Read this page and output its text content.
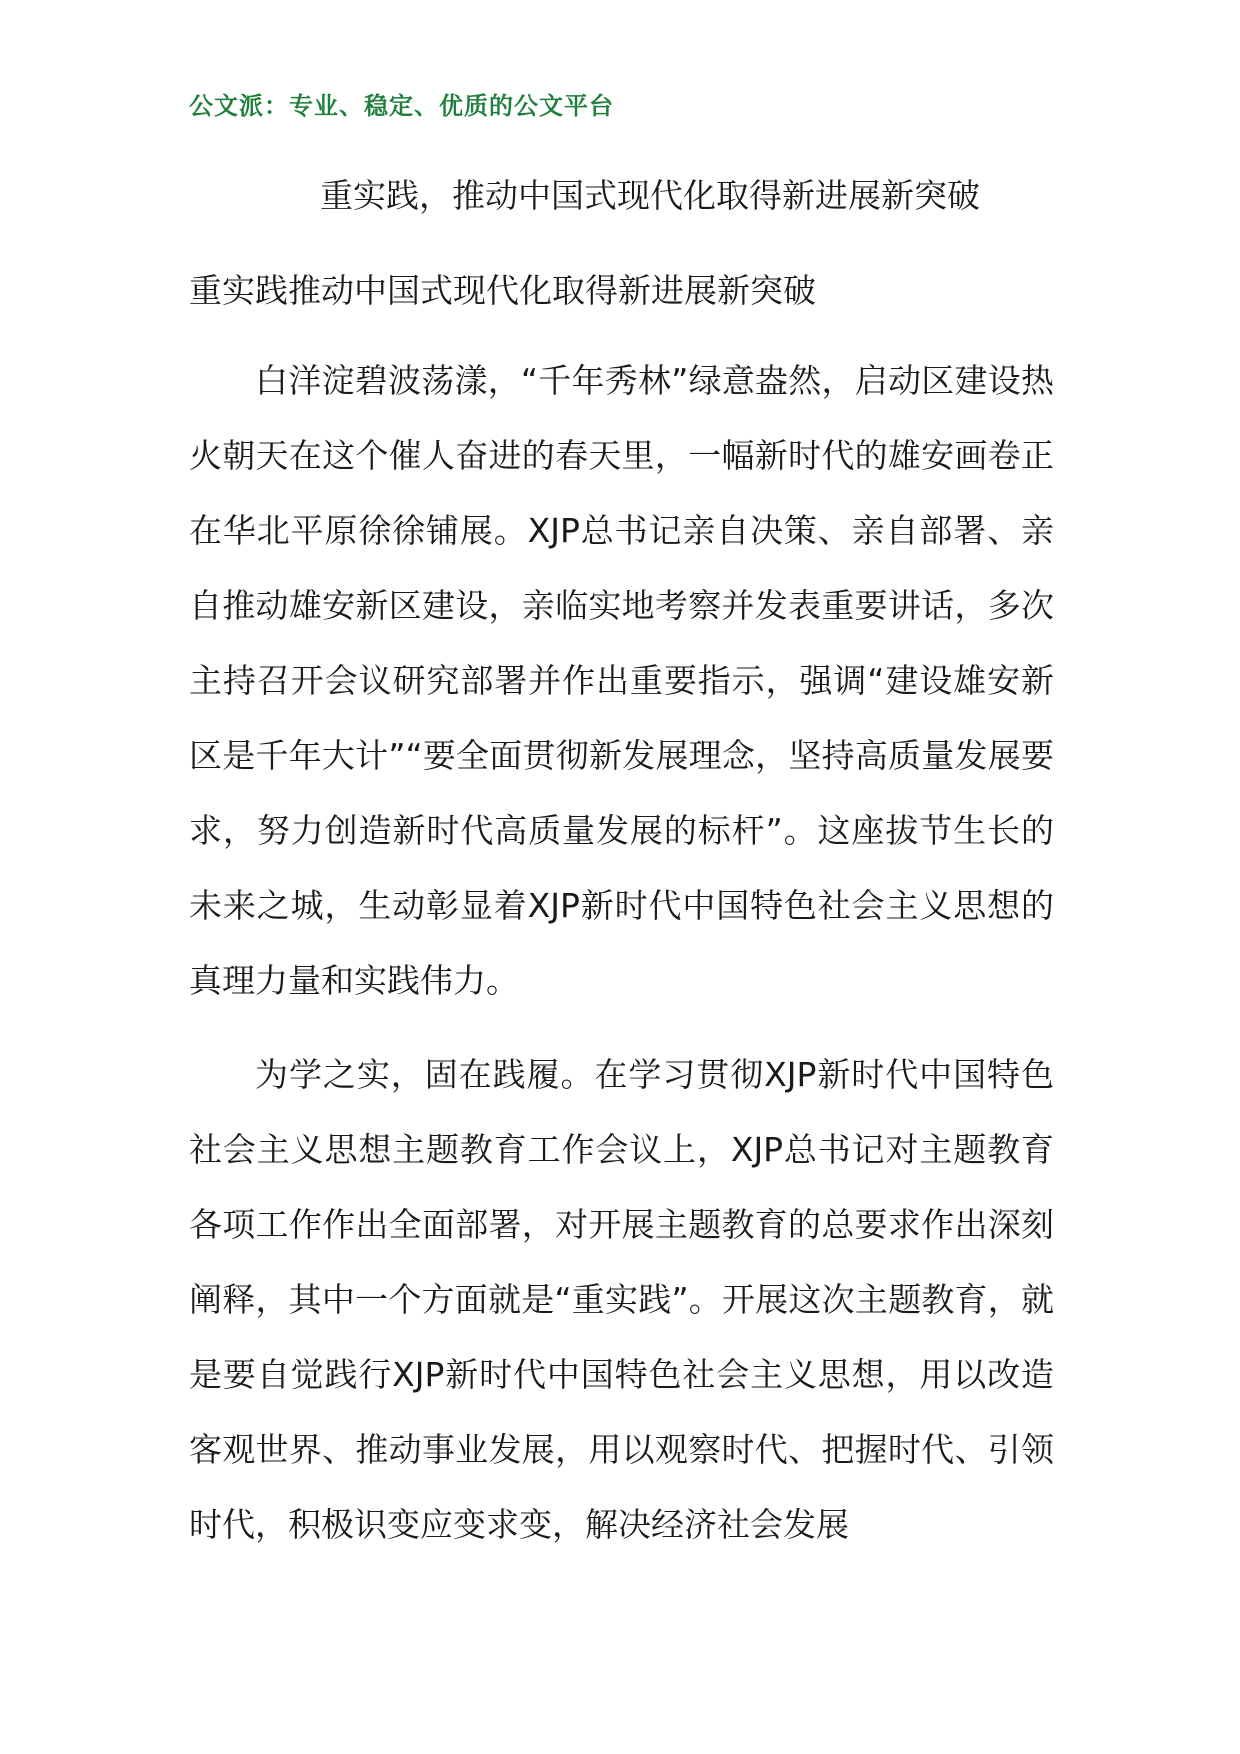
公文派：专业、稳定、优质的公文平台
重实践，推动中国式现代化取得新进展新突破
重实践推动中国式现代化取得新进展新突破

白洋淀碧波荡漾，“千年秀林”绿意盎然，启动区建设热火朝天在这个催人奋进的春天里，一幅新时代的雄安画卷正在华北平原徐徐铺展。XJP总书记亲自决策、亲自部署、亲自推动雄安新区建设，亲临实地考察并发表重要讲话，多次主持召开会议研究部署并作出重要指示，强调“建设雄安新区是千年大计”“要全面贯彻新发展理念，坚持高质量发展要求，努力创造新时代高质量发展的标杆”。这座拔节生长的未来之城，生动彰显着XJP新时代中国特色社会主义思想的真理力量和实践伟力。

为学之实，固在践履。在学习贯彻XJP新时代中国特色社会主义思想主题教育工作会议上，XJP总书记对主题教育各项工作作出全面部署，对开展主题教育的总要求作出深刻阐释，其中一个方面就是“重实践”。开展这次主题教育，就是要自觉践行XJP新时代中国特色社会主义思想，用以改造客观世界、推动事业发展，用以观察时代、把握时代、引领时代，积极识变应变求变，解决经济社会发展
